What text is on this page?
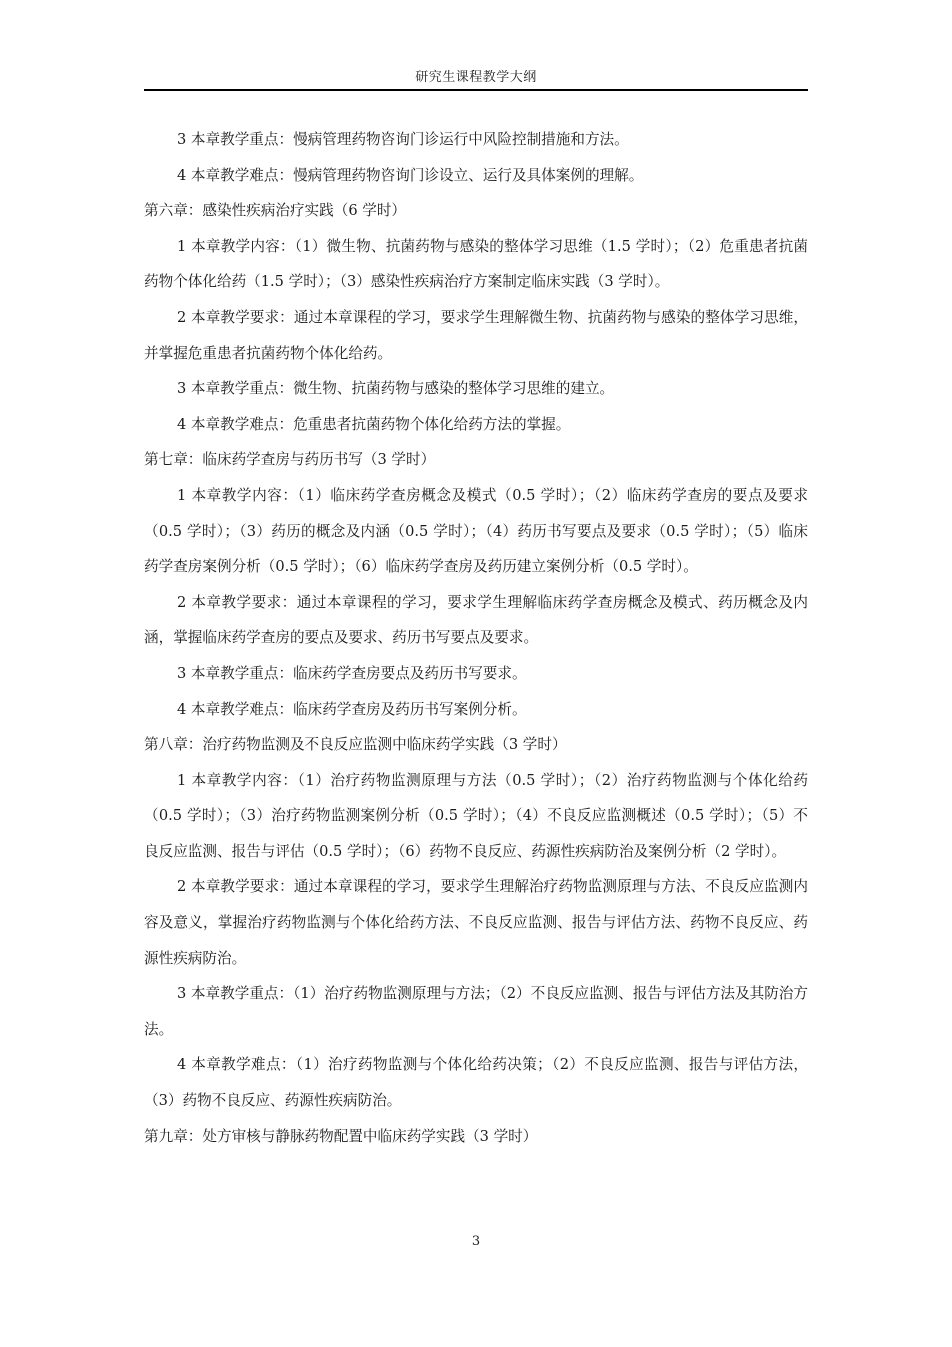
研究生课程教学大纲

3 本章教学重点：慢病管理药物咨询门诊运行中风险控制措施和方法。

4 本章教学难点：慢病管理药物咨询门诊设立、运行及具体案例的理解。

第六章：感染性疾病治疗实践（6 学时）

1 本章教学内容：（1）微生物、抗菌药物与感染的整体学习思维（1.5 学时）；（2）危重患者抗菌药物个体化给药（1.5 学时）；（3）感染性疾病治疗方案制定临床实践（3 学时）。

2 本章教学要求：通过本章课程的学习，要求学生理解微生物、抗菌药物与感染的整体学习思维，并掌握危重患者抗菌药物个体化给药。

3 本章教学重点：微生物、抗菌药物与感染的整体学习思维的建立。

4 本章教学难点：危重患者抗菌药物个体化给药方法的掌握。

第七章：临床药学查房与药历书写（3 学时）

1 本章教学内容：（1）临床药学查房概念及模式（0.5 学时）；（2）临床药学查房的要点及要求（0.5 学时）；（3）药历的概念及内涵（0.5 学时）；（4）药历书写要点及要求（0.5 学时）；（5）临床药学查房案例分析（0.5 学时）；（6）临床药学查房及药历建立案例分析（0.5 学时）。

2 本章教学要求：通过本章课程的学习，要求学生理解临床药学查房概念及模式、药历概念及内涵，掌握临床药学查房的要点及要求、药历书写要点及要求。

3 本章教学重点：临床药学查房要点及药历书写要求。

4 本章教学难点：临床药学查房及药历书写案例分析。

第八章：治疗药物监测及不良反应监测中临床药学实践（3 学时）

1 本章教学内容：（1）治疗药物监测原理与方法（0.5 学时）；（2）治疗药物监测与个体化给药（0.5 学时）；（3）治疗药物监测案例分析（0.5 学时）；（4）不良反应监测概述（0.5 学时）；（5）不良反应监测、报告与评估（0.5 学时）；（6）药物不良反应、药源性疾病防治及案例分析（2 学时）。

2 本章教学要求：通过本章课程的学习，要求学生理解治疗药物监测原理与方法、不良反应监测内容及意义，掌握治疗药物监测与个体化给药方法、不良反应监测、报告与评估方法、药物不良反应、药源性疾病防治。

3 本章教学重点：（1）治疗药物监测原理与方法；（2）不良反应监测、报告与评估方法及其防治方法。

4 本章教学难点：（1）治疗药物监测与个体化给药决策；（2）不良反应监测、报告与评估方法，（3）药物不良反应、药源性疾病防治。

第九章：处方审核与静脉药物配置中临床药学实践（3 学时）

3
